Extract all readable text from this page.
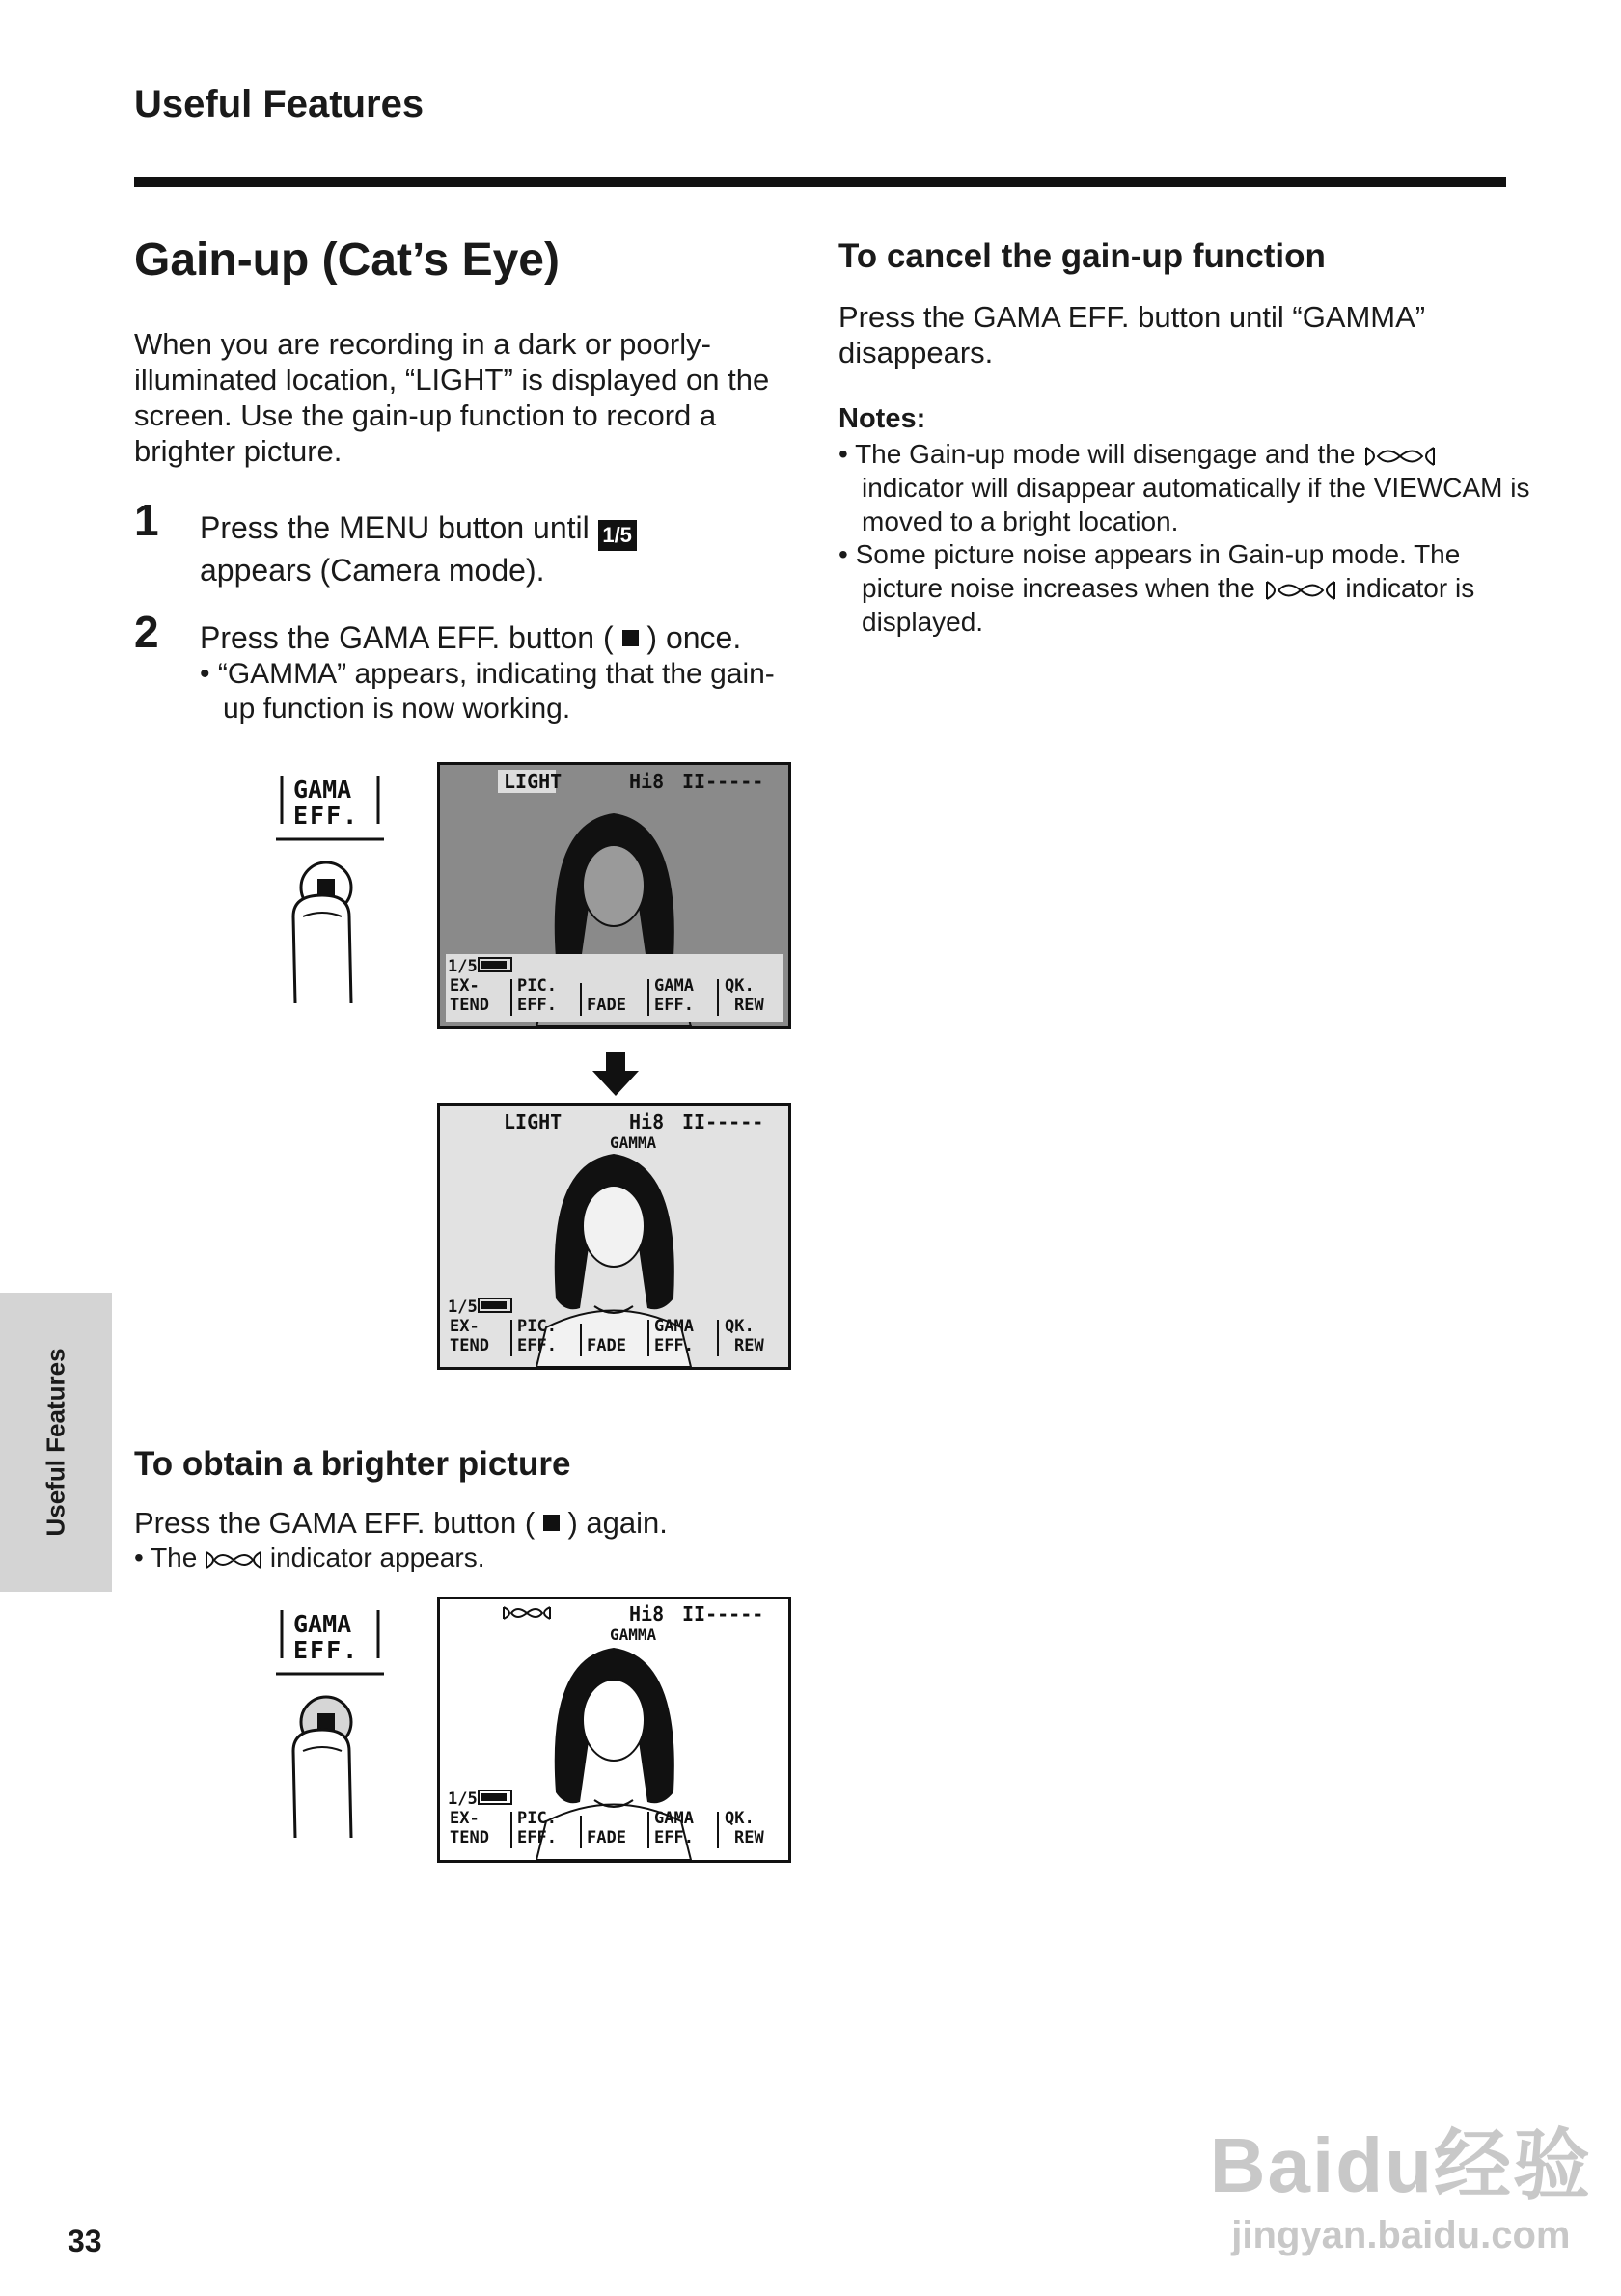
Useful Features
Gain-up (Cat’s Eye)
When you are recording in a dark or poorly-illuminated location, “LIGHT” is displayed on the screen. Use the gain-up function to record a brighter picture.
1 Press the MENU button until 1/5
appears (Camera mode).
2 Press the GAMA EFF. button ( ) once.
• “GAMMA” appears, indicating that the gain-up function is now working.
GAMA
EFF.
LIGHT	Hi8 II-----
1/5
EX-
TEND
PIC.
EFF. FADE
GAMA
EFF.
QK.
REW
LIGHT	Hi8 II-----
GAMMA
1/5
EX-
TEND
PIC.
EFF. FADE
GAMA
EFF.
QK.
REW
To obtain a brighter picture
Press the GAMA EFF. button ( ) again.
• The	indicator appears.
GAMA
EFF.
Hi8 II-----
GAMMA
1/5
EX-
TEND
PIC.
EFF. FADE
GAMA
EFF.
QK.
REW
To cancel the gain-up function
Press the GAMA EFF. button until “GAMMA” disappears.
Notes:
• The Gain-up mode will disengage and the  indicator will disappear automatically if the VIEWCAM is moved to a bright location.
• Some picture noise appears in Gain-up mode. The picture noise increases when the	indicator is displayed.
Useful Features
33
Baidu经验
jingyan.baidu.com
